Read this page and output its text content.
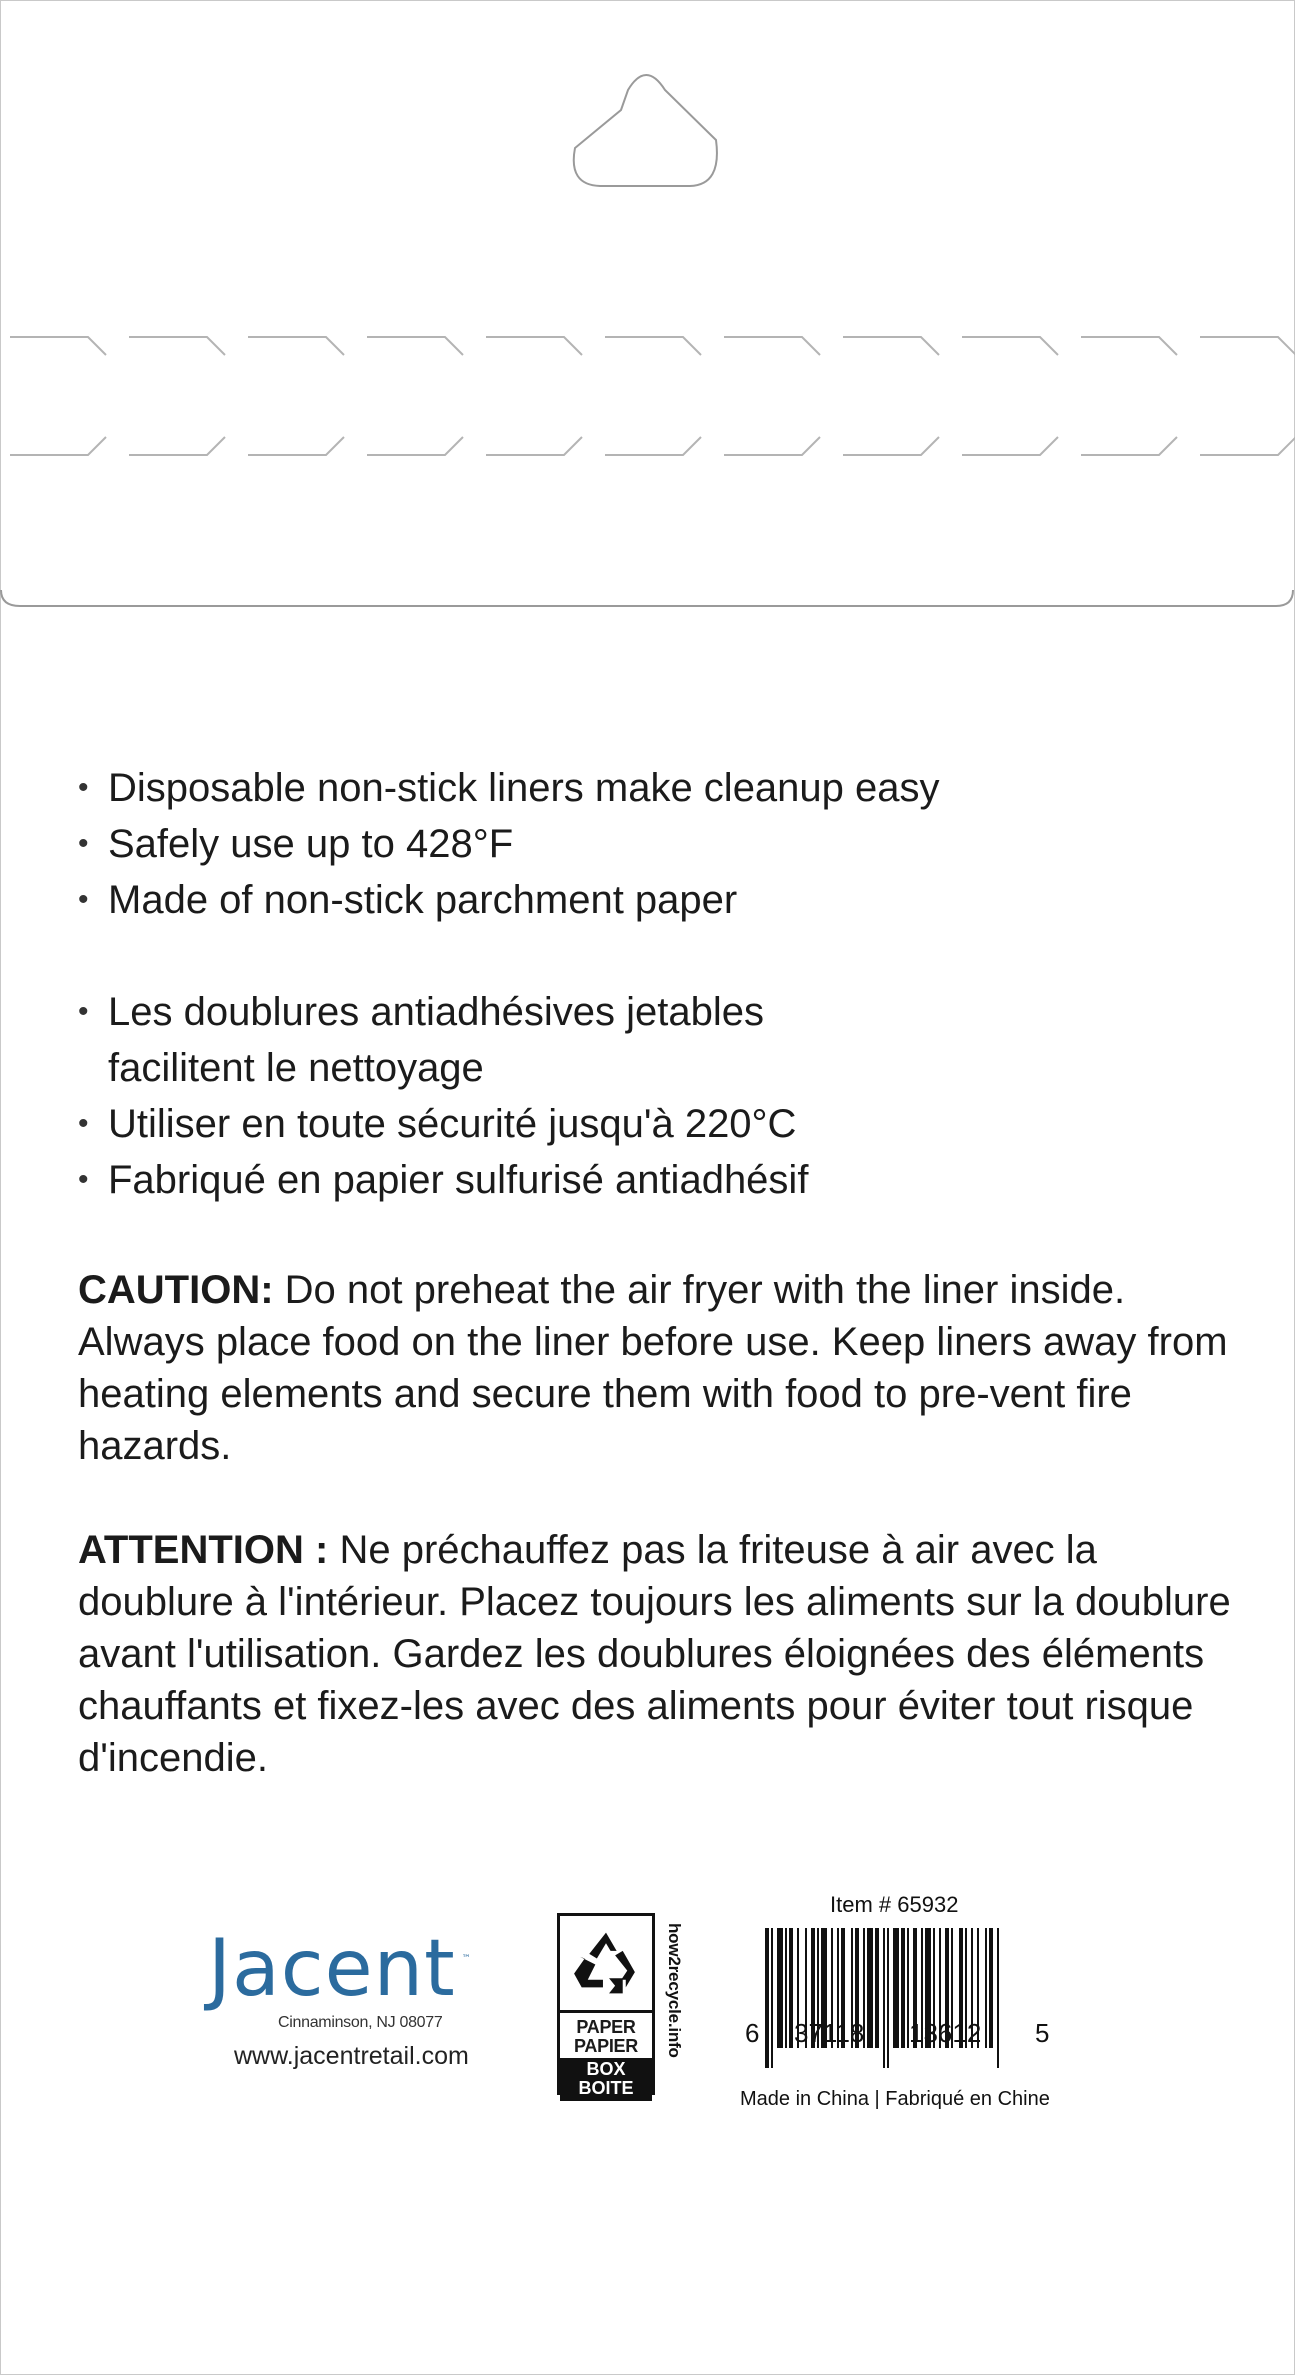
• Disposable non-stick liners make cleanup easy
• Safely use up to 428°F
• Made of non-stick parchment paper
• Les doublures antiadhésives jetables
facilitent le nettoyage
• Utiliser en toute sécurité jusqu'à 220°C
• Fabriqué en papier sulfurisé antiadhésif

CAUTION: Do not preheat the air fryer with the liner inside. Always place food on the liner before use. Keep liners away from heating elements and secure them with food to pre-vent fire hazards.

ATTENTION : Ne préchauffez pas la friteuse à air avec la doublure à l'intérieur. Placez toujours les aliments sur la doublure avant l'utilisation. Gardez les doublures éloignées des éléments chauffants et fixez-les avec des aliments pour éviter tout risque d'incendie.

Jacent ™
Cinnaminson, NJ 08077
www.jacentretail.com
PAPER
PAPIER
BOX
BOITE
how2recycle.info
Item # 65932
6 37118 13612 5
Made in China | Fabriqué en Chine
